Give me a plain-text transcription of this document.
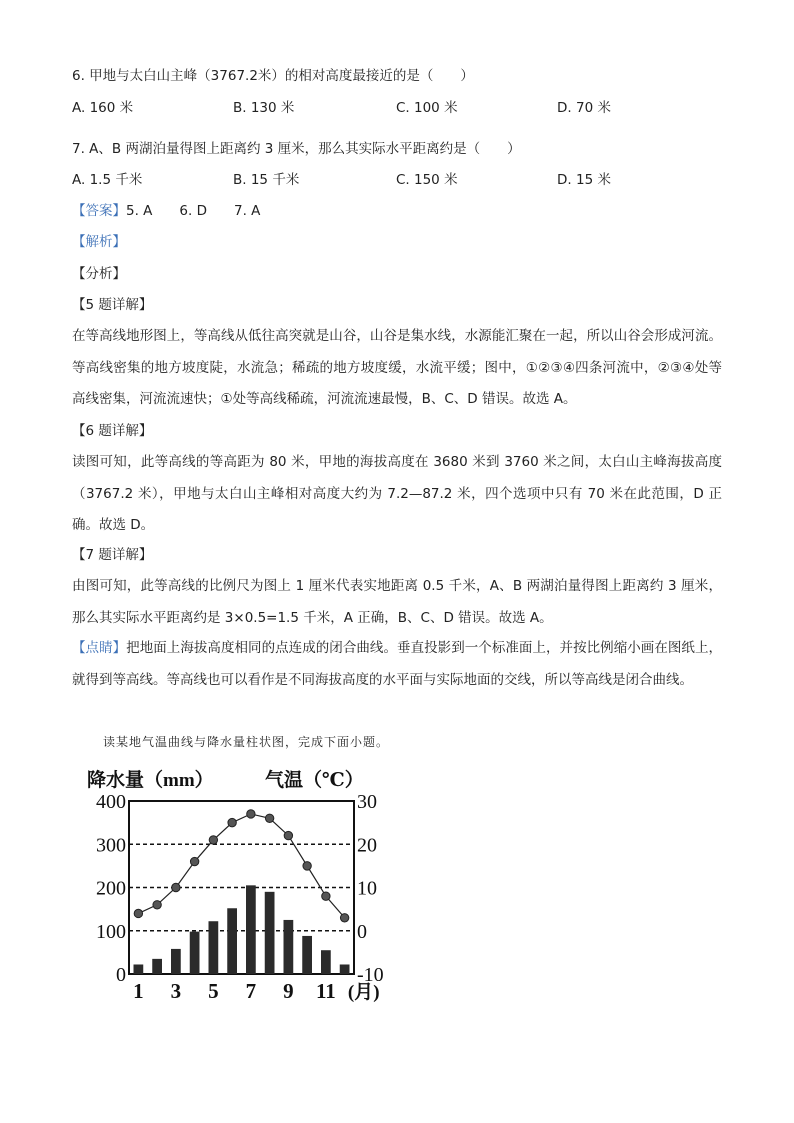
6. 甲地与太白山主峰（3767.2米）的相对高度最接近的是（　　）
A. 160 米	B. 130 米	C. 100 米	D. 70 米
7. A、B 两湖泊量得图上距离约 3 厘米，那么其实际水平距离约是（　　）
A. 1.5 千米	B. 15 千米	C. 150 米	D. 15 米
【答案】5. A　　6. D　　7. A
【解析】
【分析】
【5 题详解】
在等高线地形图上，等高线从低往高突就是山谷，山谷是集水线，水源能汇聚在一起，所以山谷会形成河流。等高线密集的地方坡度陡，水流急；稀疏的地方坡度缓，水流平缓；图中，①②③④四条河流中，②③④处等高线密集，河流流速快；①处等高线稀疏，河流流速最慢，B、C、D 错误。故选 A。
【6 题详解】
读图可知，此等高线的等高距为 80 米，甲地的海拔高度在 3680 米到 3760 米之间，太白山主峰海拔高度（3767.2 米），甲地与太白山主峰相对高度大约为 7.2—87.2 米，四个选项中只有 70 米在此范围，D 正确。故选 D。
【7 题详解】
由图可知，此等高线的比例尺为图上 1 厘米代表实地距离 0.5 千米，A、B 两湖泊量得图上距离约 3 厘米，那么其实际水平距离约是 3×0.5=1.5 千米，A 正确，B、C、D 错误。故选 A。
【点睛】把地面上海拔高度相同的点连成的闭合曲线。垂直投影到一个标准面上，并按比例缩小画在图纸上，就得到等高线。等高线也可以看作是不同海拔高度的水平面与实际地面的交线，所以等高线是闭合曲线。
读某地气温曲线与降水量柱状图，完成下面小题。
降水量（mm）	气温（℃）
400
300
200
100
0
30
20
10
0
-10
1 3 5 7 9 11 (月)
